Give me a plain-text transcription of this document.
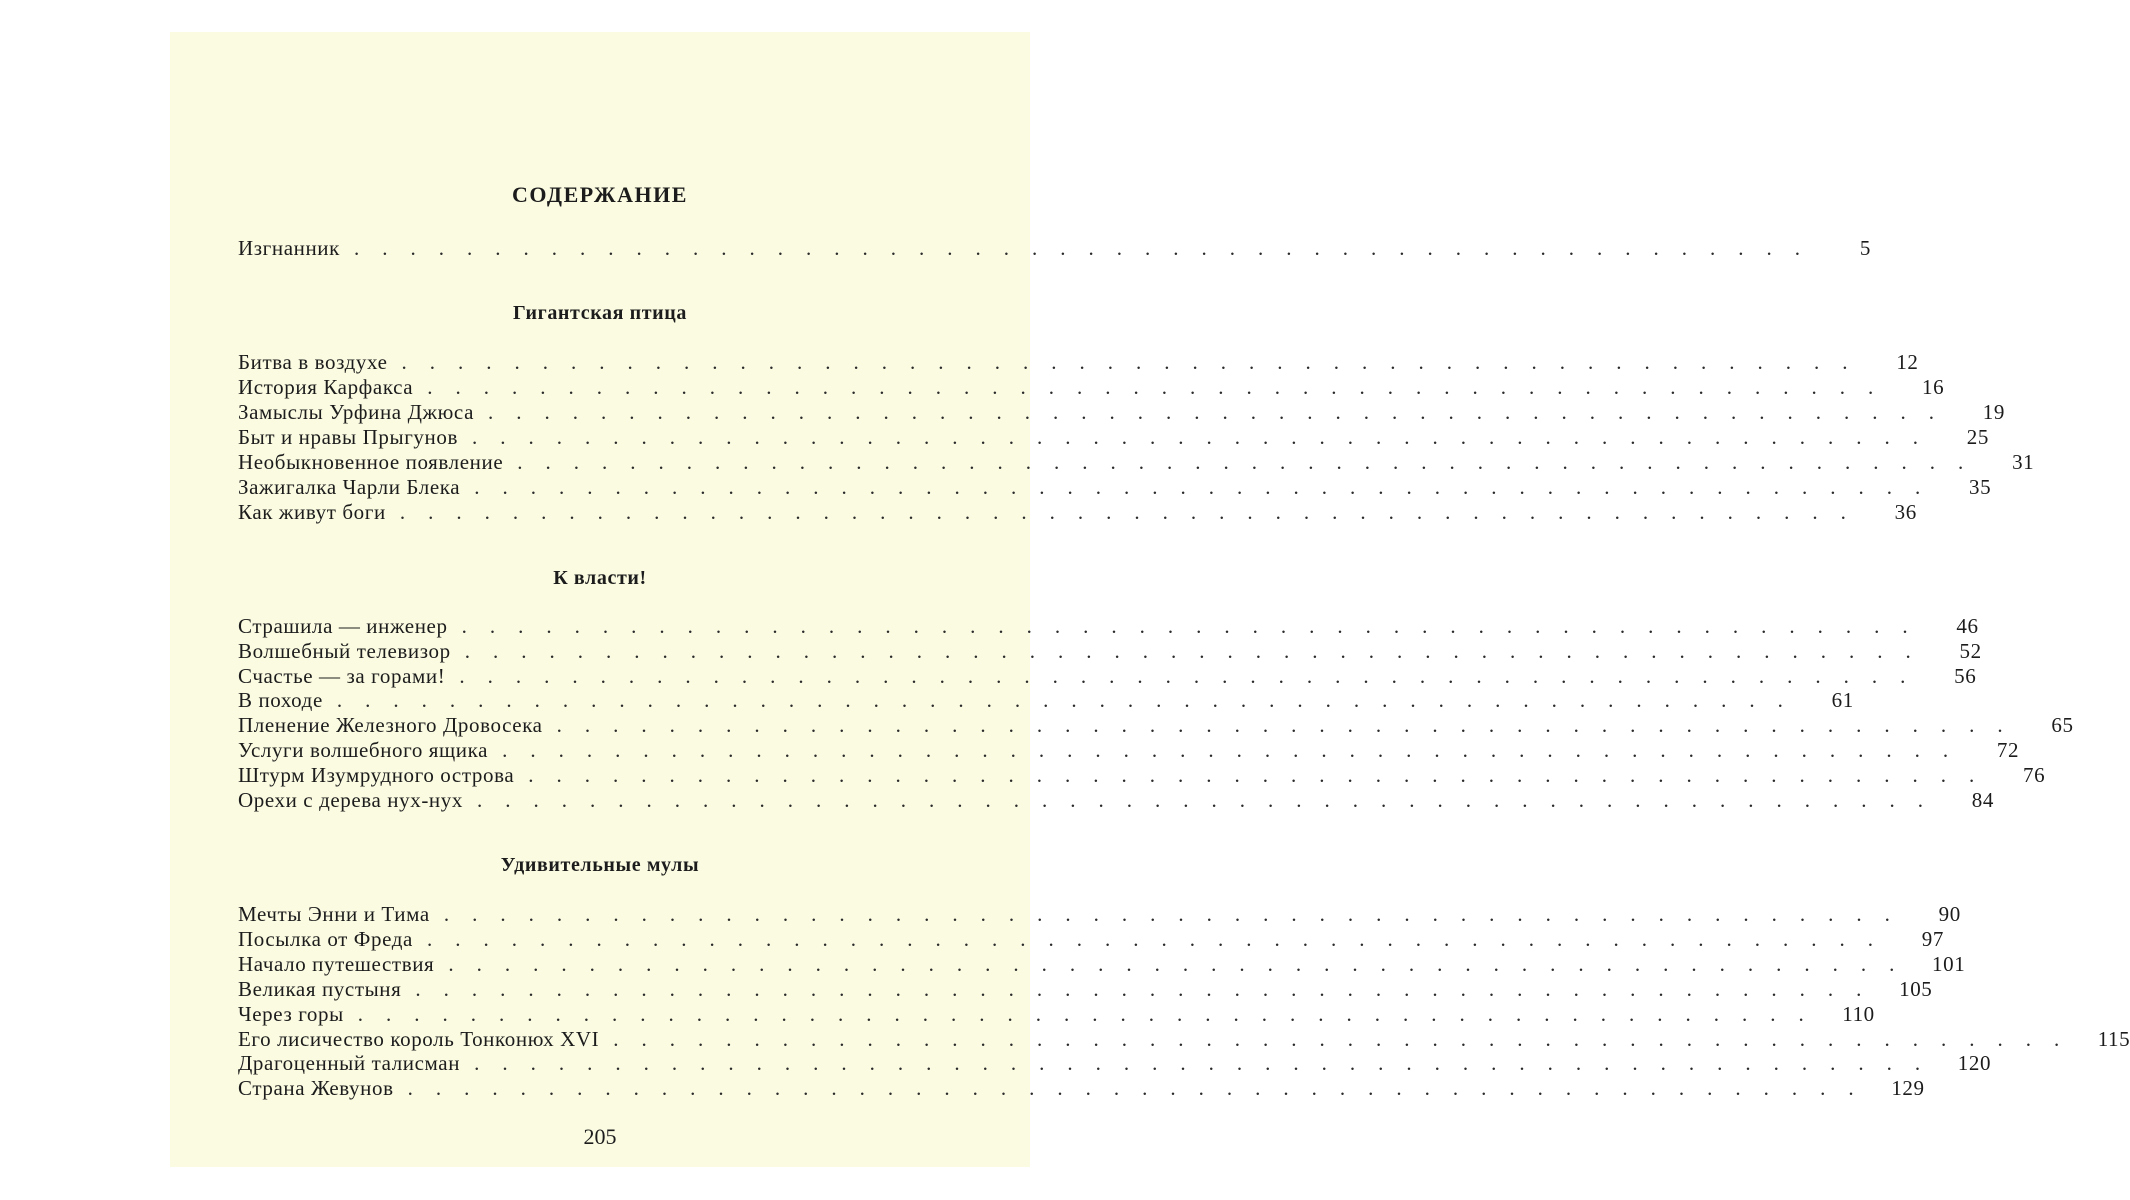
СОДЕРЖАНИЕ
Изгнанник ....................................................	5
Гигантская птица
Битва в воздухе ....................................................	12
История Карфакса ....................................................	16
Замыслы Урфина Джюса ....................................................	19
Быт и нравы Прыгунов ....................................................	25
Необыкновенное появление ....................................................	31
Зажигалка Чарли Блека ....................................................	35
Как живут боги ....................................................	36
К власти!
Страшила — инженер ....................................................	46
Волшебный телевизор ....................................................	52
Счастье — за горами! ....................................................	56
В походе ....................................................	61
Пленение Железного Дровосека ....................................................	65
Услуги волшебного ящика ....................................................	72
Штурм Изумрудного острова ....................................................	76
Орехи с дерева нух-нух ....................................................	84
Удивительные мулы
Мечты Энни и Тима ....................................................	90
Посылка от Фреда ....................................................	97
Начало путешествия .................................................... 101
Великая пустыня .................................................... 105
Через горы .................................................... 110
Его лисичество король Тонконюх XVI .................................................... 115
Драгоценный талисман .................................................... 120
Страна Жевунов .................................................... 129
205
